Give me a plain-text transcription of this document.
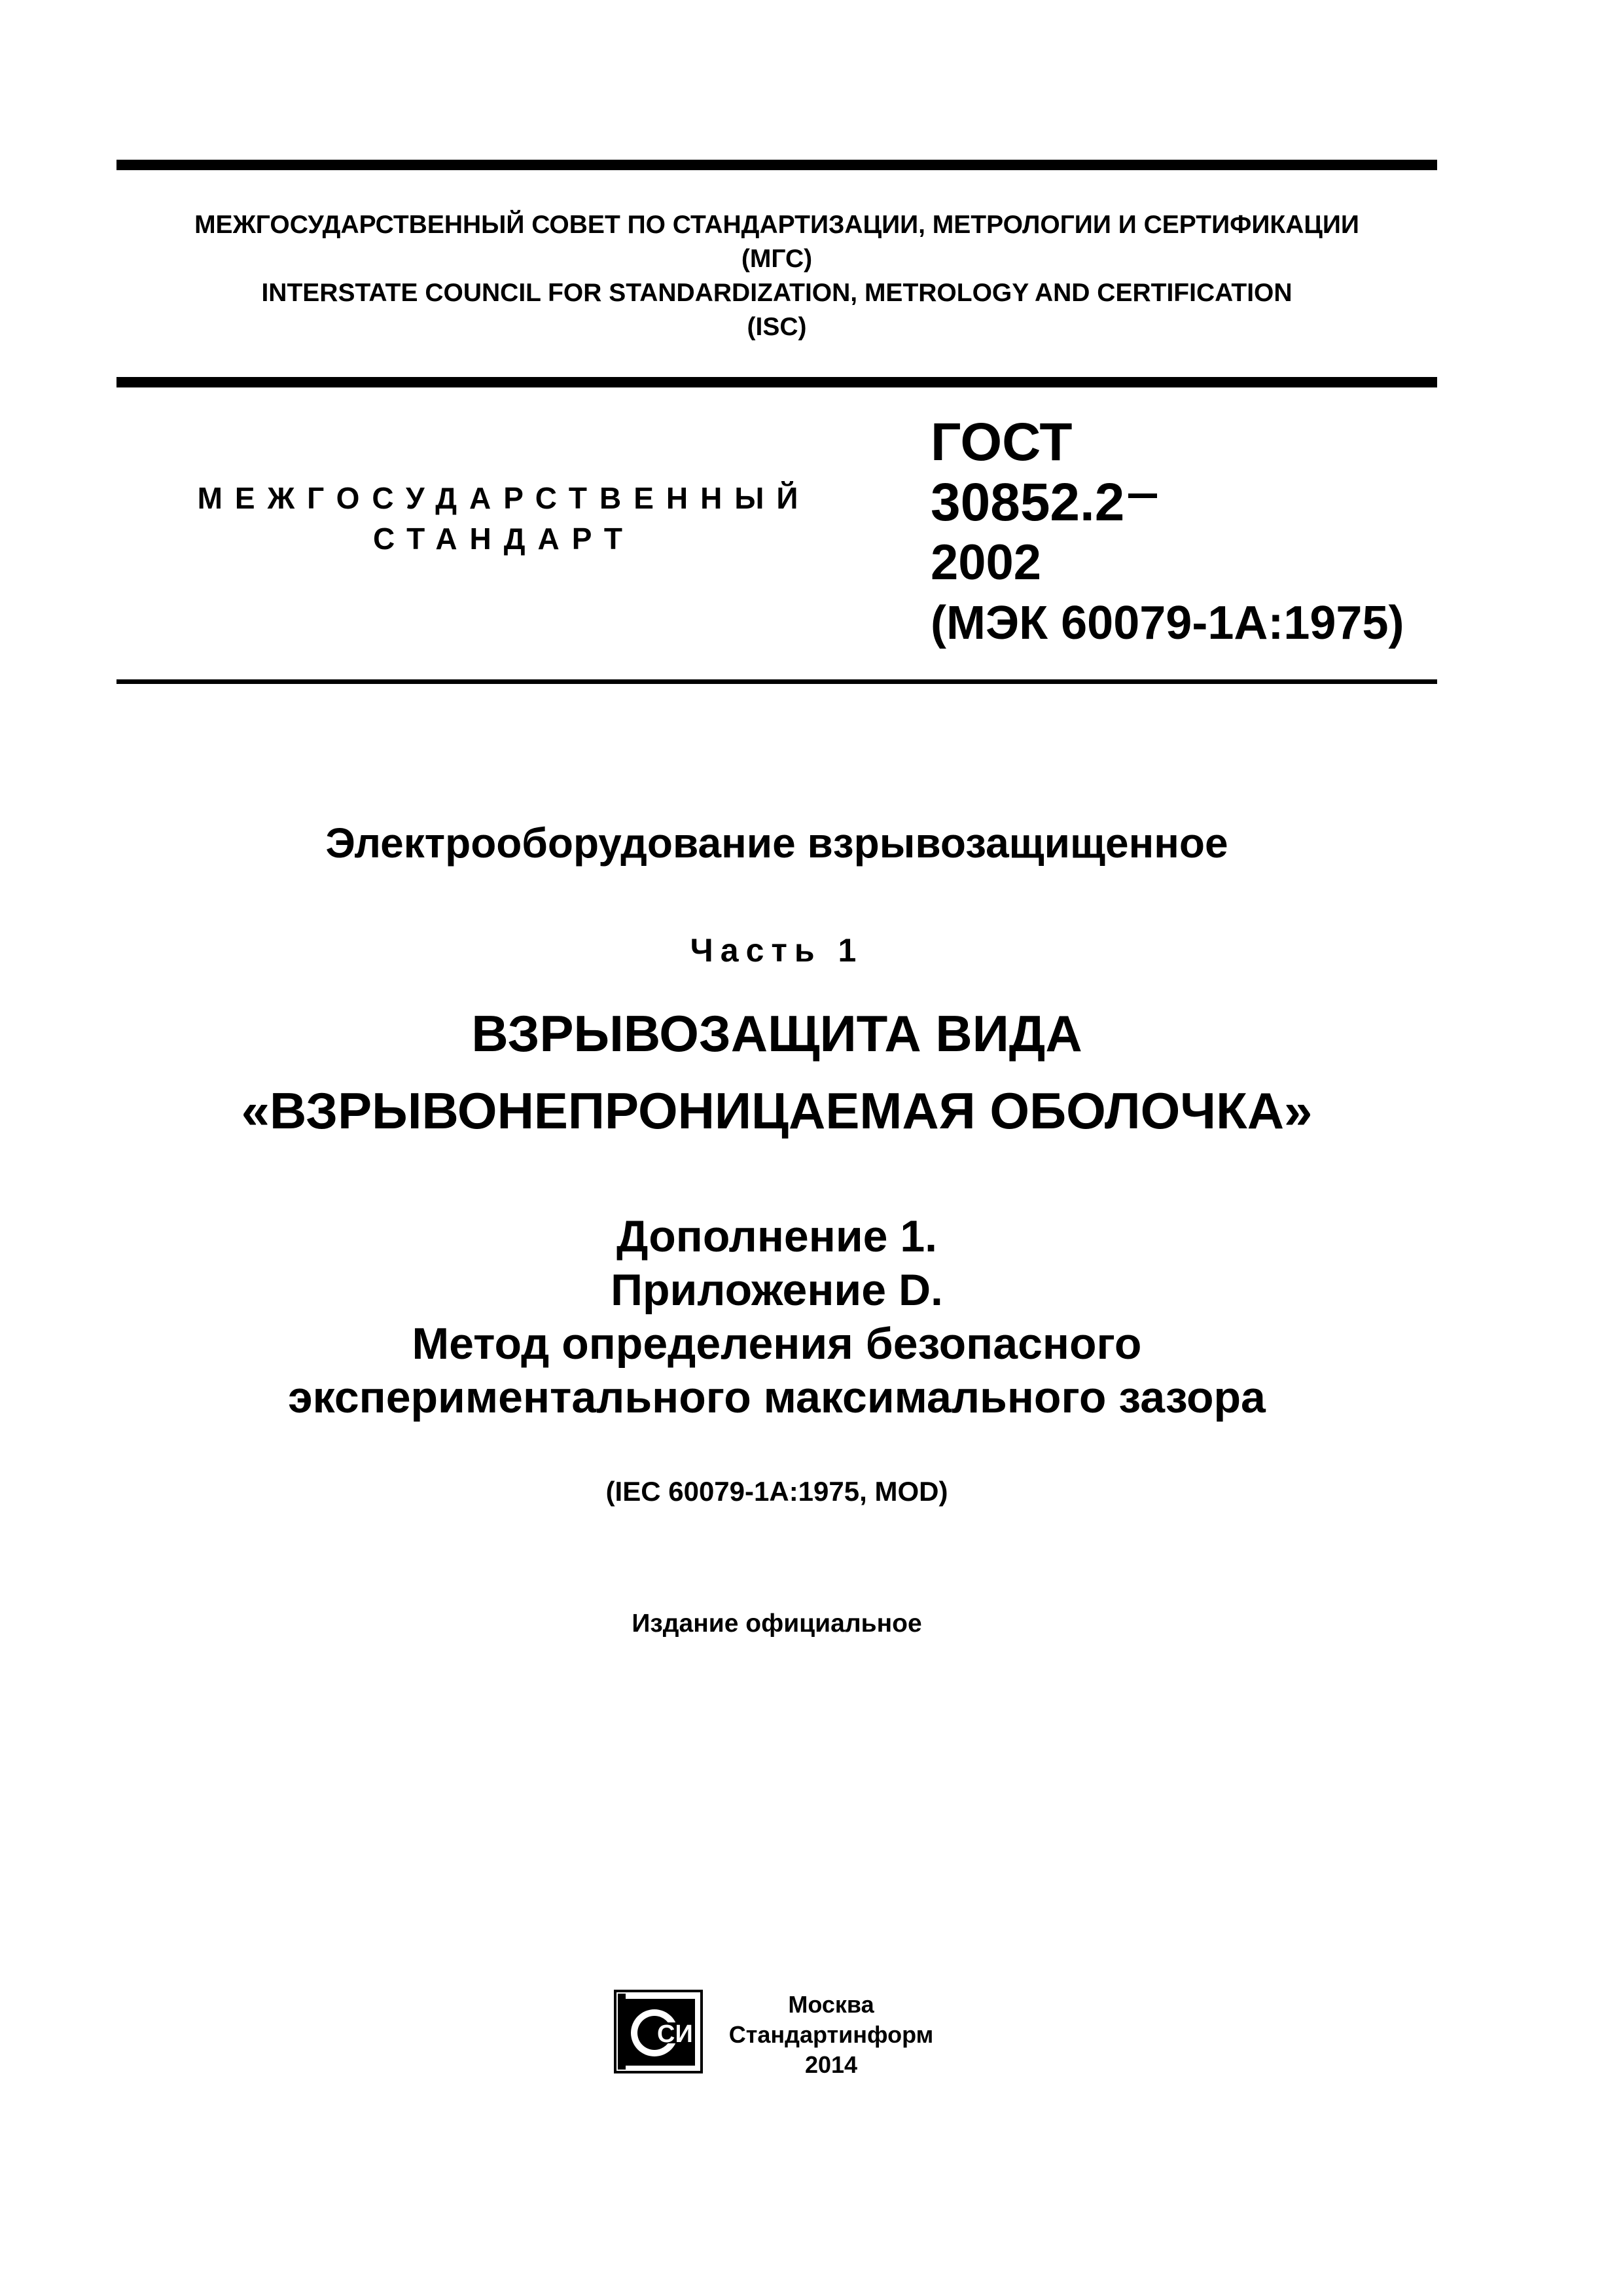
МЕЖГОСУДАРСТВЕННЫЙ СОВЕТ ПО СТАНДАРТИЗАЦИИ, МЕТРОЛОГИИ И СЕРТИФИКАЦИИ
(МГС)
INTERSTATE COUNCIL FOR STANDARDIZATION, METROLOGY AND CERTIFICATION
(ISC)
МЕЖГОСУДАРСТВЕННЫЙ
СТАНДАРТ
ГОСТ
30852.2
2002
(МЭК 60079-1А:1975)
Электрооборудование взрывозащищенное
Часть 1
ВЗРЫВОЗАЩИТА ВИДА
«ВЗРЫВОНЕПРОНИЦАЕМАЯ ОБОЛОЧКА»
Дополнение 1.
Приложение D.
Метод определения безопасного
экспериментального максимального зазора
(IEC 60079-1A:1975, MOD)
Издание официальное
СИ
Москва
Стандартинформ
2014
